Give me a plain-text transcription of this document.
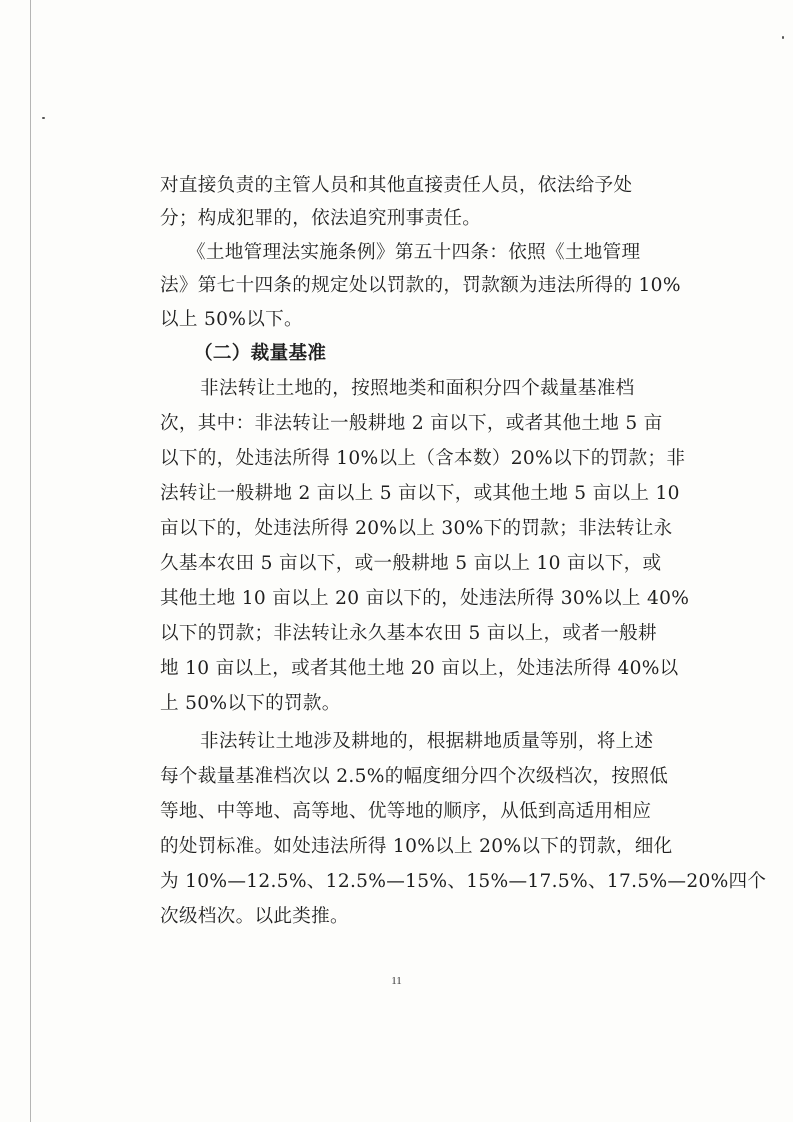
对直接负责的主管人员和其他直接责任人员，依法给予处
分；构成犯罪的，依法追究刑事责任。
《土地管理法实施条例》第五十四条：依照《土地管理
法》第七十四条的规定处以罚款的，罚款额为违法所得的 10%
以上 50%以下。
（二）裁量基准
非法转让土地的，按照地类和面积分四个裁量基准档
次，其中：非法转让一般耕地 2 亩以下，或者其他土地 5 亩
以下的，处违法所得 10%以上（含本数）20%以下的罚款；非
法转让一般耕地 2 亩以上 5 亩以下，或其他土地 5 亩以上 10
亩以下的，处违法所得 20%以上 30%下的罚款；非法转让永
久基本农田 5 亩以下，或一般耕地 5 亩以上 10 亩以下，或
其他土地 10 亩以上 20 亩以下的，处违法所得 30%以上 40%
以下的罚款；非法转让永久基本农田 5 亩以上，或者一般耕
地 10 亩以上，或者其他土地 20 亩以上，处违法所得 40%以
上 50%以下的罚款。
非法转让土地涉及耕地的，根据耕地质量等别，将上述
每个裁量基准档次以 2.5%的幅度细分四个次级档次，按照低
等地、中等地、高等地、优等地的顺序，从低到高适用相应
的处罚标准。如处违法所得 10%以上 20%以下的罚款，细化
为 10%—12.5%、12.5%—15%、15%—17.5%、17.5%—20%四个
次级档次。以此类推。
11
